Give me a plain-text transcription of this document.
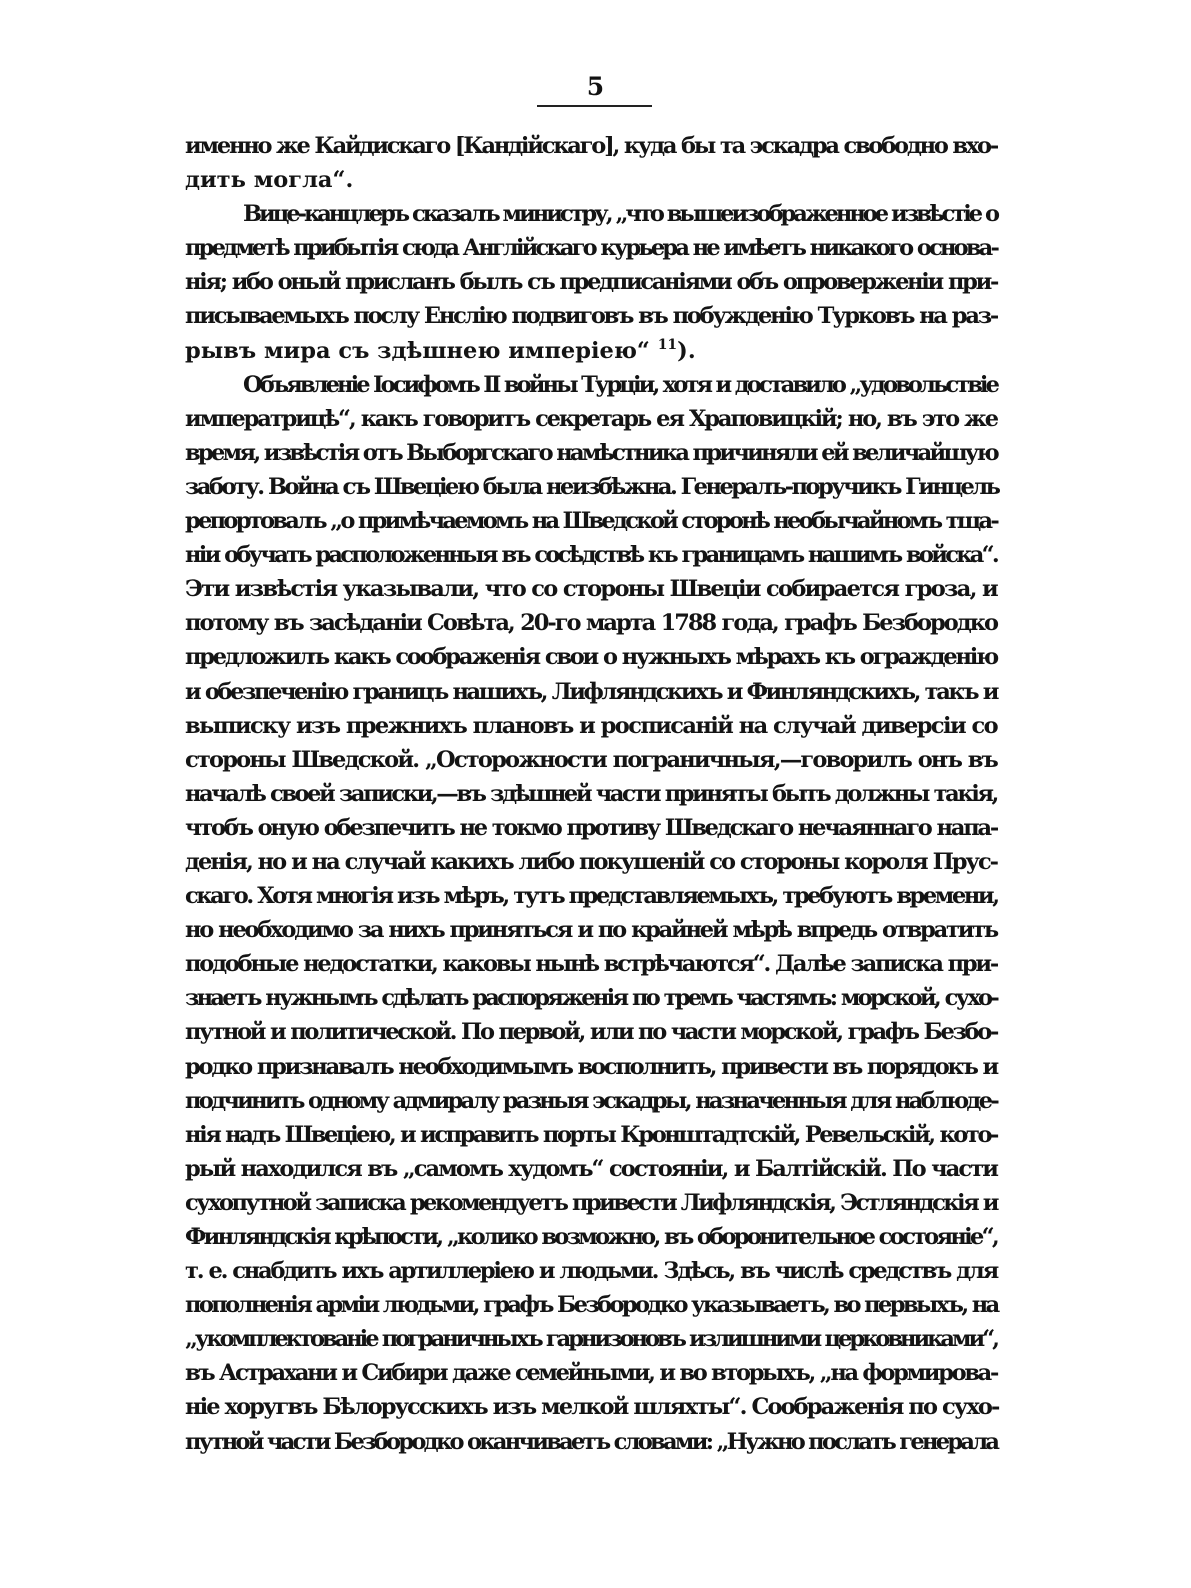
5
именно же Кайдискаго [Кандійскаго], куда бы та эскадра свободно вхо-
дить могла“.
Вице-канцлеръ сказалъ министру, „что вышеизображенное извѣстіе о
предметѣ прибытія сюда Англійскаго курьера не имѣетъ никакого основа-
нія; ибо оный присланъ былъ съ предписаніями объ опроверженіи при-
писываемыхъ послу Енслію подвиговъ въ побужденію Турковъ на раз-
рывъ мира съ здѣшнею имперіею“ $^{11}$).
Объявленіе Іосифомъ II войны Турціи, хотя и доставило „удовольствіе
императрицѣ“, какъ говоритъ секретарь ея Храповицкій; но, въ это же
время, извѣстія отъ Выборгскаго намѣстника причиняли ей величайшую
заботу. Война съ Швеціею была неизбѣжна. Генералъ-поручикъ Гинцель
репортовалъ „о примѣчаемомъ на Шведской сторонѣ необычайномъ тща-
ніи обучать расположенныя въ сосѣдствѣ къ границамъ нашимъ войска“.
Эти извѣстія указывали, что со стороны Швеціи собирается гроза, и
потому въ засѣданіи Совѣта, 20-го марта 1788 года, графъ Безбородко
предложилъ какъ соображенія свои о нужныхъ мѣрахъ къ огражденію
и обезпеченію границъ нашихъ, Лифляндскихъ и Финляндскихъ, такъ и
выписку изъ прежнихъ плановъ и росписаній на случай диверсіи со
стороны Шведской. „Осторожности пограничныя,—говорилъ онъ въ
началѣ своей записки,—въ здѣшней части приняты быть должны такія,
чтобъ оную обезпечить не токмо противу Шведскаго нечаяннаго напа-
денія, но и на случай какихъ либо покушеній со стороны короля Прус-
скаго. Хотя многія изъ мѣръ, тутъ представляемыхъ, требуютъ времени,
но необходимо за нихъ приняться и по крайней мѣрѣ впредь отвратить
подобные недостатки, каковы нынѣ встрѣчаются“. Далѣе записка при-
знаетъ нужнымъ сдѣлать распоряженія по тремъ частямъ: морской, сухо-
путной и политической. По первой, или по части морской, графъ Безбо-
родко признавалъ необходимымъ восполнить, привести въ порядокъ и
подчинить одному адмиралу разныя эскадры, назначенныя для наблюде-
нія надъ Швеціею, и исправить порты Кронштадтскій, Ревельскій, кото-
рый находился въ „самомъ худомъ“ состояніи, и Балтійскій. По части
сухопутной записка рекомендуетъ привести Лифляндскія, Эстляндскія и
Финляндскія крѣпости, „колико возможно, въ оборонительное состояніе“,
т. е. снабдить ихъ артиллеріею и людьми. Здѣсь, въ числѣ средствъ для
пополненія арміи людьми, графъ Безбородко указываетъ, во первыхъ, на
„укомплектованіе пограничныхъ гарнизоновъ излишними церковниками“,
въ Астрахани и Сибири даже семейными, и во вторыхъ, „на формирова-
ніе хоругвъ Бѣлорусскихъ изъ мелкой шляхты“. Соображенія по сухо-
путной части Безбородко оканчиваетъ словами: „Нужно послать генерала
